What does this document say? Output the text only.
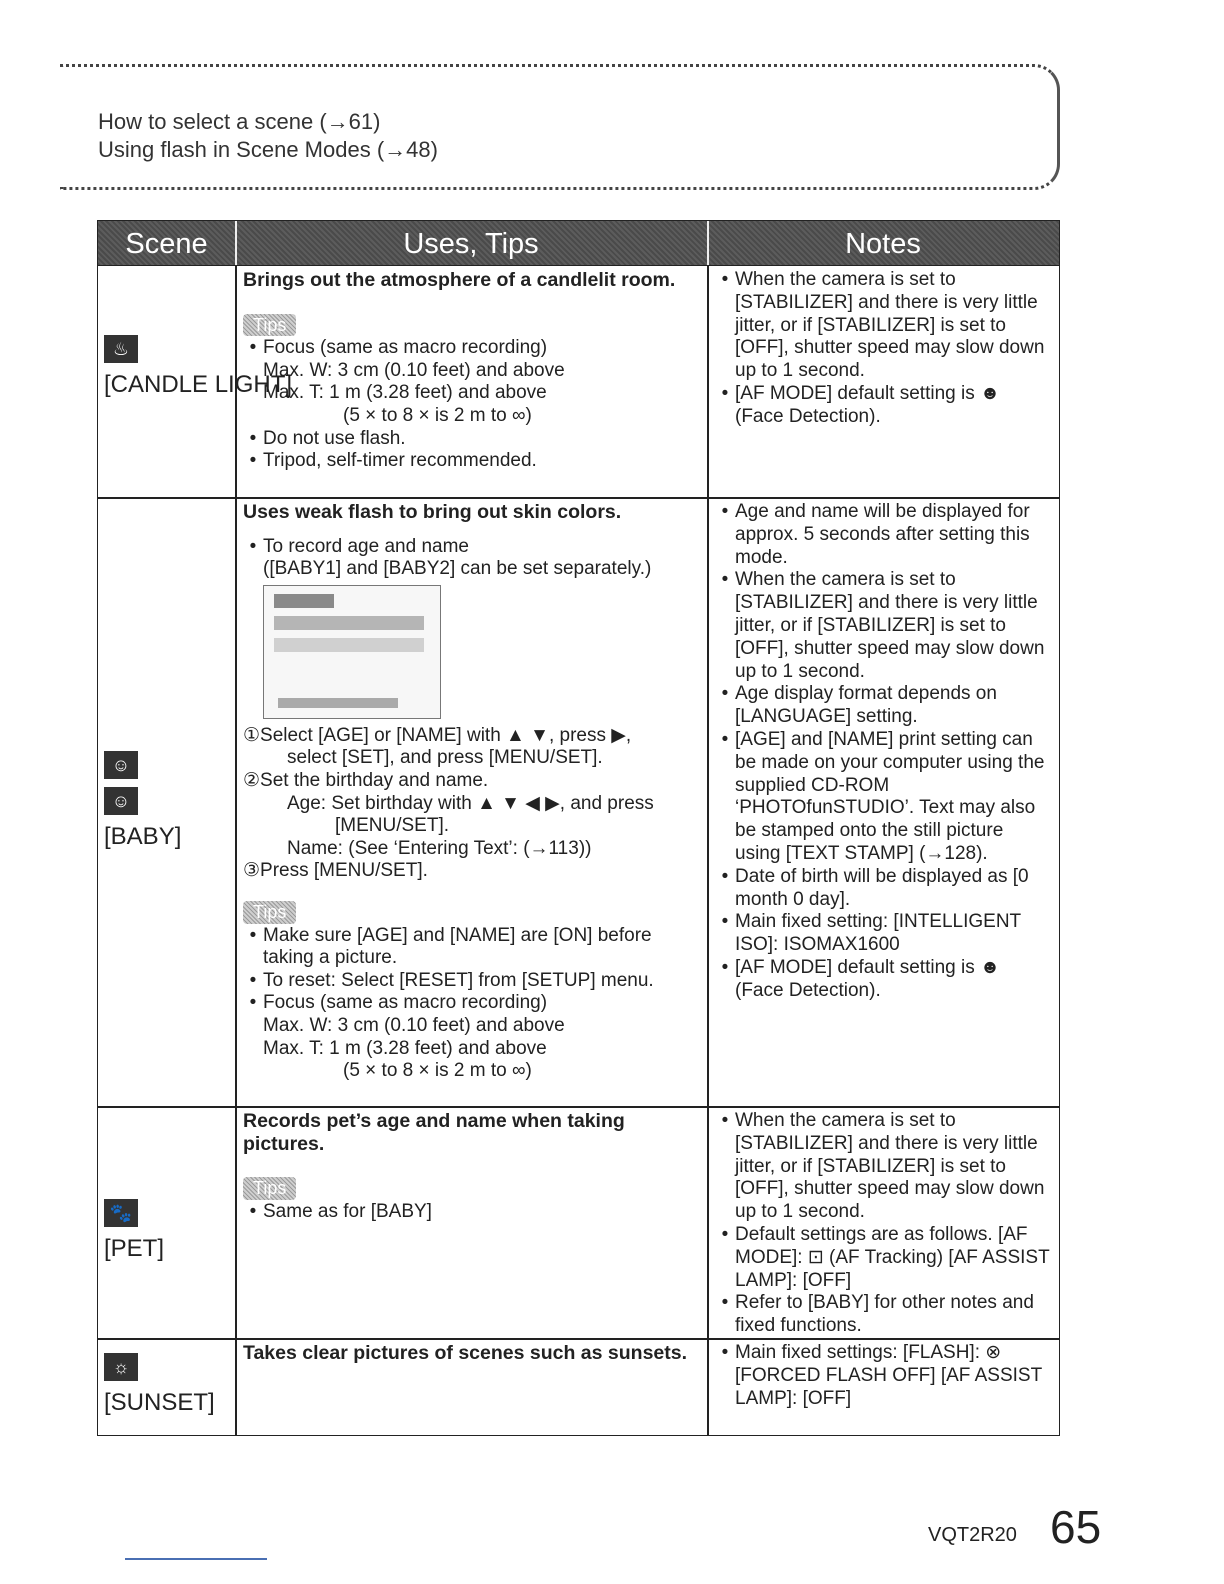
How to select a scene (→61)
Using flash in Scene Modes (→48)
Scene	Uses, Tips	Notes
♨
[CANDLE LIGHT]
Brings out the atmosphere of a candlelit room.
Tips
• Focus (same as macro recording)
Max. W: 3 cm (0.10 feet) and above
Max. T: 1 m (3.28 feet) and above
(5 × to 8 × is 2 m to ∞)
• Do not use flash.
• Tripod, self-timer recommended.
• When the camera is set to [STABILIZER] and there is very little jitter, or if [STABILIZER] is set to [OFF], shutter speed may slow down up to 1 second.
• [AF MODE] default setting is ☻ (Face Detection).
☺
☺
[BABY]
Uses weak flash to bring out skin colors.
• To record age and name
([BABY1] and [BABY2] can be set separately.)
①Select [AGE] or [NAME] with ▲ ▼, press ▶,
select [SET], and press [MENU/SET].
②Set the birthday and name.
Age: Set birthday with ▲ ▼ ◀ ▶, and press
[MENU/SET].
Name: (See ‘Entering Text’: (→113))
③Press [MENU/SET].
Tips
• Make sure [AGE] and [NAME] are [ON] before taking a picture.
• To reset: Select [RESET] from [SETUP] menu.
• Focus (same as macro recording)
Max. W: 3 cm (0.10 feet) and above
Max. T: 1 m (3.28 feet) and above
(5 × to 8 × is 2 m to ∞)
• Age and name will be displayed for approx. 5 seconds after setting this mode.
• When the camera is set to [STABILIZER] and there is very little jitter, or if [STABILIZER] is set to [OFF], shutter speed may slow down up to 1 second.
• Age display format depends on [LANGUAGE] setting.
• [AGE] and [NAME] print setting can be made on your computer using the supplied CD-ROM ‘PHOTOfunSTUDIO’. Text may also be stamped onto the still picture using [TEXT STAMP] (→128).
• Date of birth will be displayed as [0 month 0 day].
• Main fixed setting: [INTELLIGENT ISO]: ISOMAX1600
• [AF MODE] default setting is ☻ (Face Detection).
🐾
[PET]
Records pet’s age and name when taking pictures.
Tips
• Same as for [BABY]
• When the camera is set to [STABILIZER] and there is very little jitter, or if [STABILIZER] is set to [OFF], shutter speed may slow down up to 1 second.
• Default settings are as follows. [AF MODE]: ⊡ (AF Tracking) [AF ASSIST LAMP]: [OFF]
• Refer to [BABY] for other notes and fixed functions.
☼
[SUNSET]
Takes clear pictures of scenes such as sunsets.
•	Main fixed settings: [FLASH]: ⊗ [FORCED FLASH OFF] [AF ASSIST LAMP]: [OFF]
VQT2R20 65
